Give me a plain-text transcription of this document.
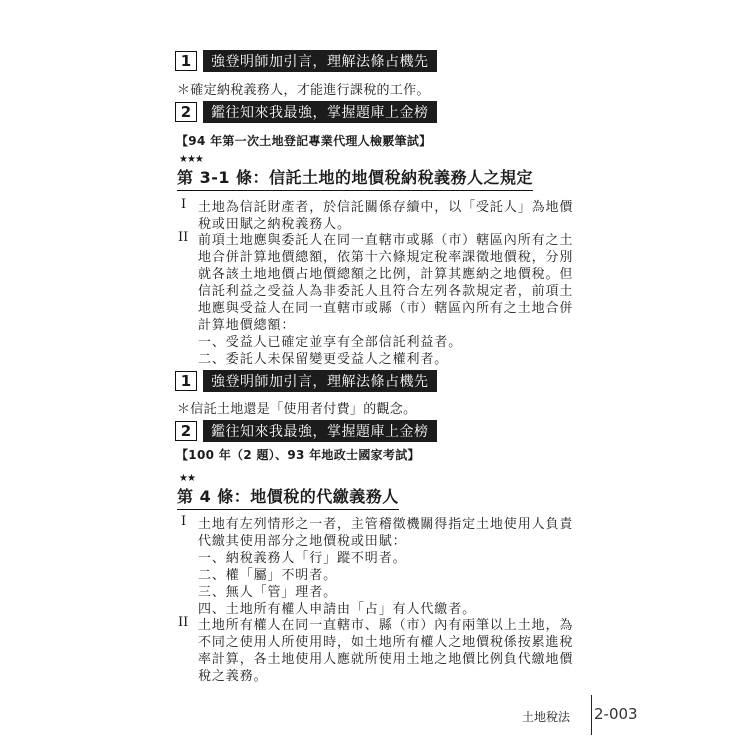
1	強登明師加引言，理解法條占機先
＊確定納稅義務人，才能進行課稅的工作。
2	鑑往知來我最強，掌握題庫上金榜
【94 年第一次土地登記專業代理人檢覈筆試】
★★★
第 3-1 條：信託土地的地價稅納稅義務人之規定
I 土地為信託財產者，於信託關係存續中，以「受託人」為地價
稅或田賦之納稅義務人。
II 前項土地應與委託人在同一直轄市或縣（市）轄區內所有之土
地合併計算地價總額，依第十六條規定稅率課徵地價稅，分別
就各該土地地價占地價總額之比例，計算其應納之地價稅。但
信託利益之受益人為非委託人且符合左列各款規定者，前項土
地應與受益人在同一直轄市或縣（市）轄區內所有之土地合併
計算地價總額：
一、受益人已確定並享有全部信託利益者。
二、委託人未保留變更受益人之權利者。
1	強登明師加引言，理解法條占機先
＊信託土地還是「使用者付費」的觀念。
2	鑑往知來我最強，掌握題庫上金榜
【100 年（2 題）、93 年地政士國家考試】
★★
第 4 條：地價稅的代繳義務人
I 土地有左列情形之一者，主管稽徵機關得指定土地使用人負責
代繳其使用部分之地價稅或田賦：
一、納稅義務人「行」蹤不明者。
二、權「屬」不明者。
三、無人「管」理者。
四、土地所有權人申請由「占」有人代繳者。
II 土地所有權人在同一直轄市、縣（市）內有兩筆以上土地，為
不同之使用人所使用時，如土地所有權人之地價稅係按累進稅
率計算，各土地使用人應就所使用土地之地價比例負代繳地價
稅之義務。
土地稅法 2-003
